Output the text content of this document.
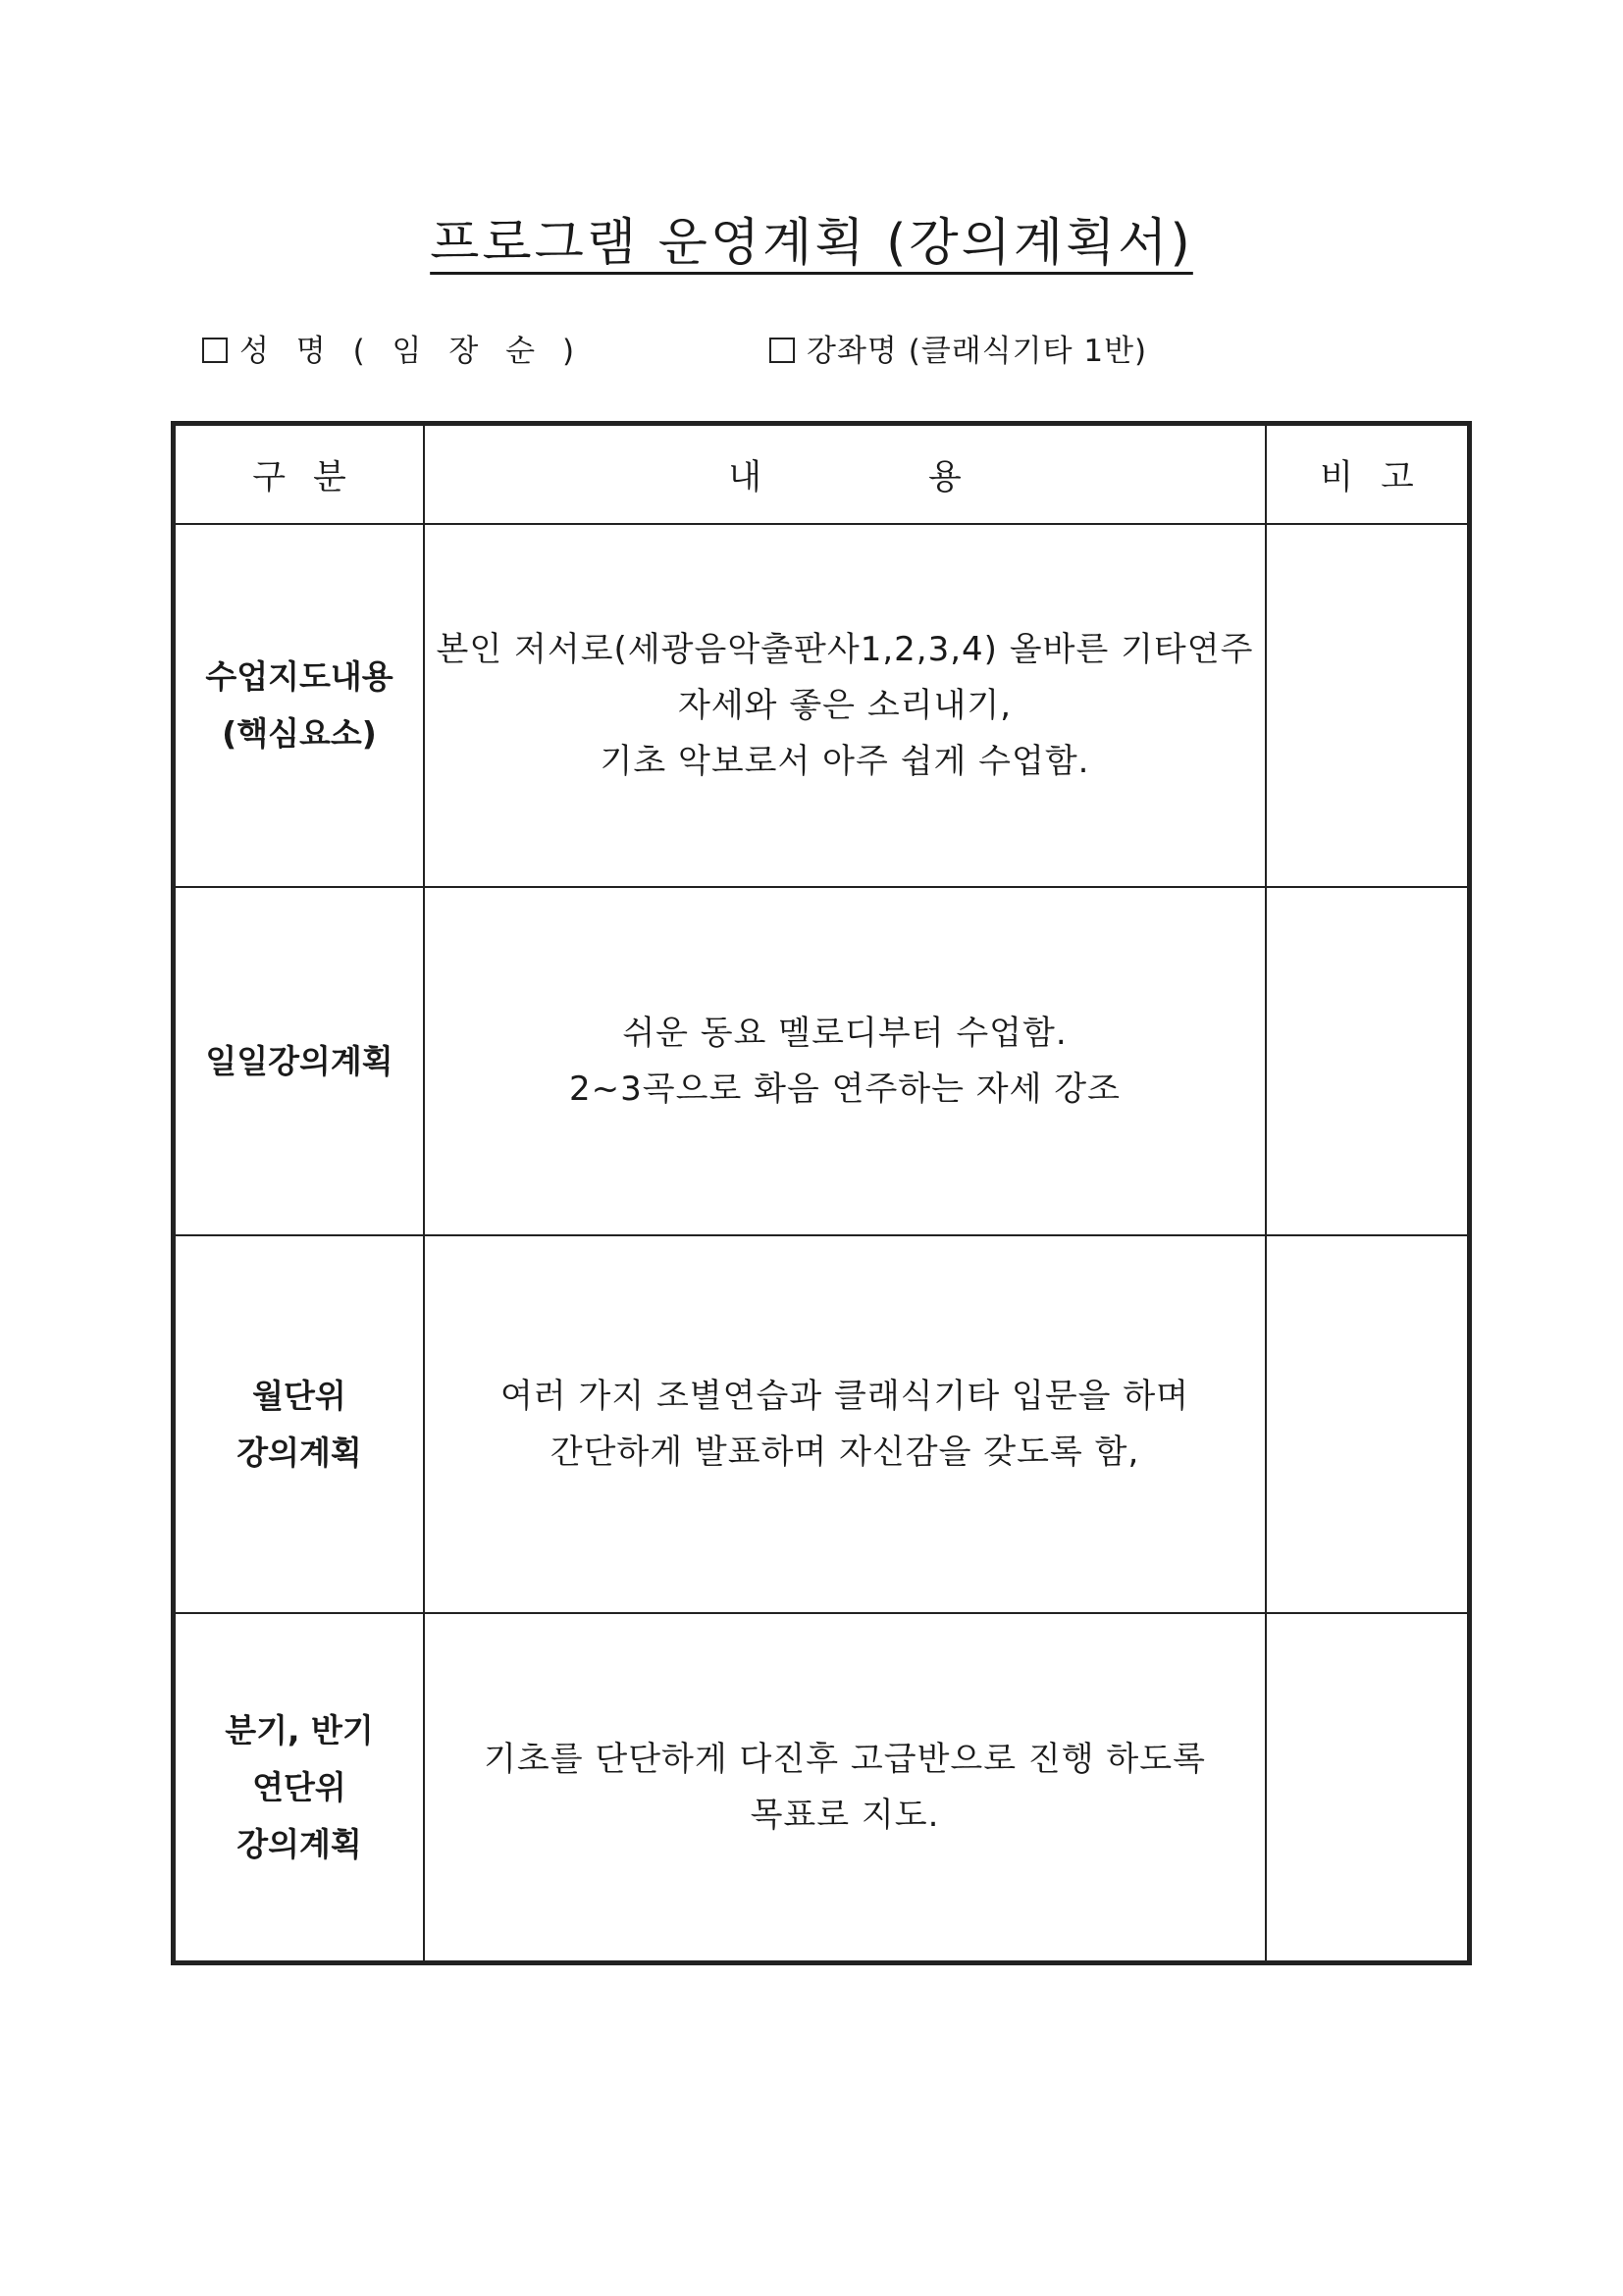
프로그램 운영계획 (강의계획서)
성 명 ( 임 장 순 )	강좌명 (클래식기타 1반)
구분	내용	비고

수업지도내용
(핵심요소)	본인 저서로(세광음악출판사1,2,3,4) 올바른 기타연주
자세와 좋은 소리내기,
기초 악보로서 아주 쉽게 수업함.	

일일강의계획	쉬운 동요 멜로디부터 수업함.
2~3곡으로 화음 연주하는 자세 강조	

월단위
강의계획	여러 가지 조별연습과 클래식기타 입문을 하며
간단하게 발표하며 자신감을 갖도록 함,	

분기, 반기
연단위
강의계획	기초를 단단하게 다진후 고급반으로 진행 하도록
목표로 지도.	
